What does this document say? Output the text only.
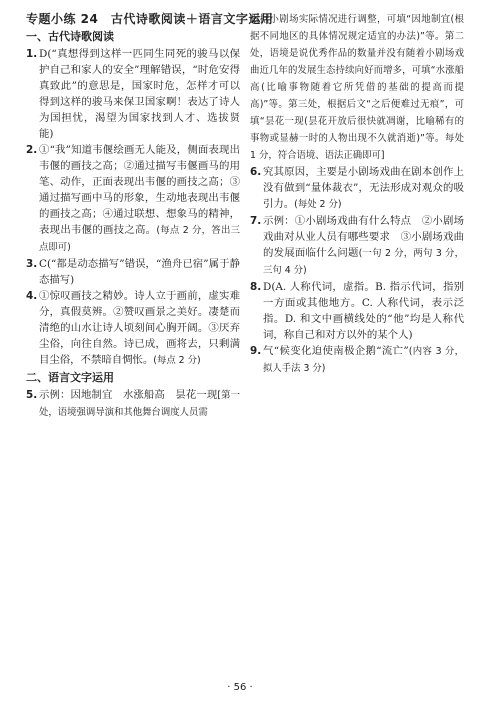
专题小练 24　古代诗歌阅读＋语言文字运用
一、古代诗歌阅读

1. D(“真想得到这样一匹同生同死的骏马以保护自己和家人的安全”理解错误，“时危安得真致此”的意思是，国家时危，怎样才可以得到这样的骏马来保卫国家啊！表达了诗人为国担忧，渴望为国家找到人才、选拔贤能)

2. ①“我”知道韦偃绘画无人能及，侧面表现出韦偃的画技之高；②通过描写韦偃画马的用笔、动作，正面表现出韦偃的画技之高；③通过描写画中马的形象，生动地表现出韦偃的画技之高；④通过联想、想象马的精神，表现出韦偃的画技之高。(每点 2 分，答出三点即可)

3. C(“都是动态描写”错误，“渔舟已宿”属于静态描写)

4. ①惊叹画技之精妙。诗人立于画前，虚实难分，真假莫辨。②赞叹画景之美好。凄楚而清绝的山水让诗人顷刻间心胸开阔。③厌弃尘俗，向往自然。诗已成，画将去，只剩满目尘俗，不禁暗自惆怅。(每点 2 分)

二、语言文字运用

5. 示例：因地制宜　水涨船高　昙花一现[第一处，语境强调导演和其他舞台调度人员需

根据小剧场实际情况进行调整，可填“因地制宜(根据不同地区的具体情况规定适宜的办法)”等。第二处，语境是说优秀作品的数量并没有随着小剧场戏曲近几年的发展生态持续向好而增多，可填“水涨船高(比喻事物随着它所凭借的基础的提高而提高)”等。第三处，根据后文“之后便难过无痕”，可填“昙花一现(昙花开放后很快就凋谢，比喻稀有的事物或显赫一时的人物出现不久就消逝)”等。每处 1 分，符合语境、语法正确即可]

6. 究其原因，主要是小剧场戏曲在剧本创作上没有做到“量体裁衣”，无法形成对观众的吸引力。(每处 2 分)

7. 示例：①小剧场戏曲有什么特点　②小剧场戏曲对从业人员有哪些要求　③小剧场戏曲的发展面临什么问题(一句 2 分，两句 3 分，三句 4 分)

8. D(A. 人称代词，虚指。B. 指示代词，指别一方面或其他地方。C. 人称代词，表示泛指。D. 和文中画横线处的“他”均是人称代词，称自己和对方以外的某个人)

9. 气“候变化迫使南极企鹅“流亡”(内容 3 分，拟人手法 3 分)

· 56 ·
